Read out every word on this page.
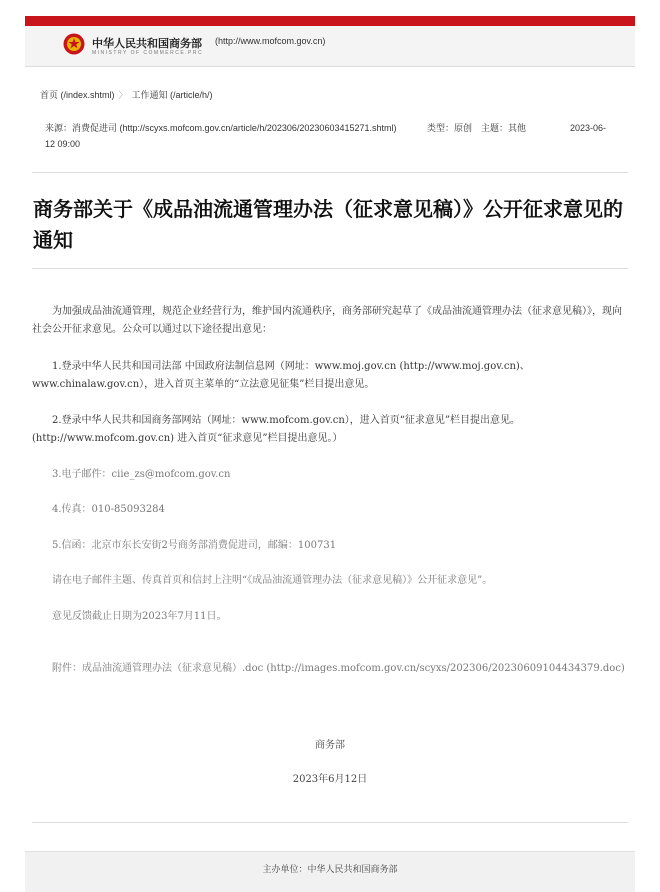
中华人民共和国商务部 (http://www.mofcom.gov.cn)
MINISTRY OF COMMERCE.PRC
首页 (/index.shtml) 〉 工作通知 (/article/h/)
来源：消费促进司 (http://scyxs.mofcom.gov.cn/article/h/202306/20230603415271.shtml)	类型：原创 主题：其他	2023-06-
12 09:00
商务部关于《成品油流通管理办法（征求意见稿）》公开征求意见的通知

为加强成品油流通管理，规范企业经营行为，维护国内流通秩序，商务部研究起草了《成品油流通管理办法（征求意见稿）》，现向社会公开征求意见。公众可以通过以下途径提出意见：

1.登录中华人民共和国司法部 中国政府法制信息网（网址：www.moj.gov.cn (http://www.moj.gov.cn)、www.chinalaw.gov.cn），进入首页主菜单的“立法意见征集”栏目提出意见。

2.登录中华人民共和国商务部网站（网址：www.mofcom.gov.cn），进入首页“征求意见”栏目提出意见。(http://www.mofcom.gov.cn) 进入首页“征求意见”栏目提出意见。）

3.电子邮件：ciie_zs@mofcom.gov.cn

4.传真：010-85093284

5.信函：北京市东长安街2号商务部消费促进司，邮编：100731

请在电子邮件主题、传真首页和信封上注明“《成品油流通管理办法（征求意见稿）》公开征求意见”。

意见反馈截止日期为2023年7月11日。

附件：成品油流通管理办法（征求意见稿）.doc (http://images.mofcom.gov.cn/scyxs/202306/20230609104434379.doc)

商务部
2023年6月12日
主办单位：中华人民共和国商务部
